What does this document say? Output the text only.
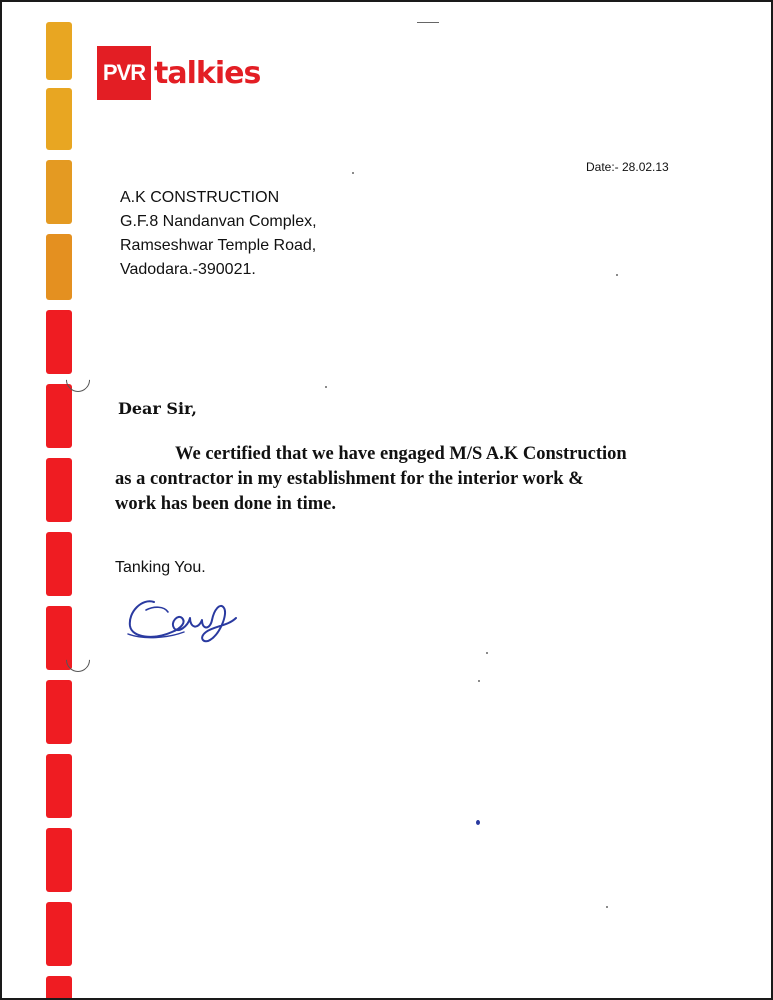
PVR talkies
Date:- 28.02.13
A.K CONSTRUCTION
G.F.8 Nandanvan Complex,
Ramseshwar Temple Road,
Vadodara.-390021.
Dear Sir,
We certified that we have engaged M/S A.K Construction
as a contractor in my establishment for the interior work &
work has been done in time.
Tanking You.
